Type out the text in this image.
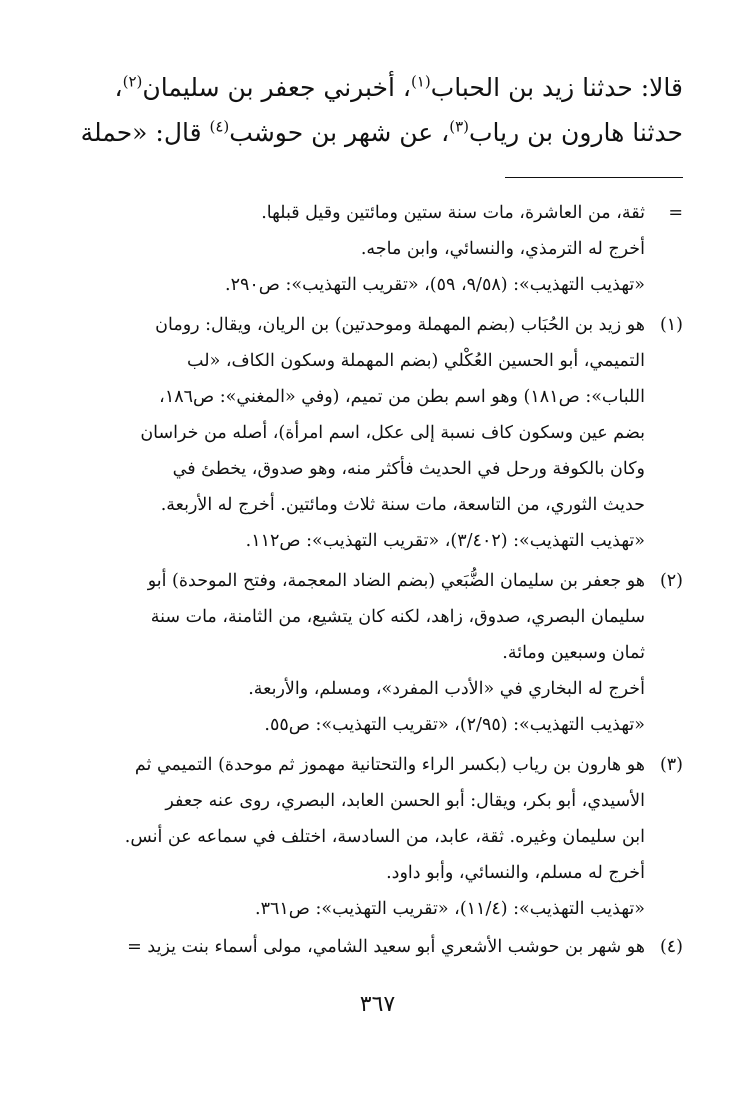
قالا: حدثنا زيد بن الحباب$^{(١)}$، أخبرني جعفر بن سليمان$^{(٢)}$،
حدثنا هارون بن رياب$^{(٣)}$، عن شهر بن حوشب$^{(٤)}$ قال: «حملة
=
ثقة، من العاشرة، مات سنة ستين ومائتين وقيل قبلها.
أخرج له الترمذي، والنسائي، وابن ماجه.
«تهذيب التهذيب»: (٩/٥٨، ٥٩)، «تقريب التهذيب»: ص٢٩٠.
(١)
هو زيد بن الحُبَاب (بضم المهملة وموحدتين) بن الريان، ويقال: رومان
التميمي، أبو الحسين العُكْلي (بضم المهملة وسكون الكاف، «لب
اللباب»: ص١٨١) وهو اسم بطن من تميم، (وفي «المغني»: ص١٨٦،
بضم عين وسكون كاف نسبة إلى عكل، اسم امرأة)، أصله من خراسان
وكان بالكوفة ورحل في الحديث فأكثر منه، وهو صدوق، يخطئ في
حديث الثوري، من التاسعة، مات سنة ثلاث ومائتين. أخرج له الأربعة.
«تهذيب التهذيب»: (٣/٤٠٢)، «تقريب التهذيب»: ص١١٢.
(٢)
هو جعفر بن سليمان الضُّبَعي (بضم الضاد المعجمة، وفتح الموحدة) أبو
سليمان البصري، صدوق، زاهد، لكنه كان يتشيع، من الثامنة، مات سنة
ثمان وسبعين ومائة.
أخرج له البخاري في «الأدب المفرد»، ومسلم، والأربعة.
«تهذيب التهذيب»: (٢/٩٥)، «تقريب التهذيب»: ص٥٥.
(٣)
هو هارون بن رياب (بكسر الراء والتحتانية مهموز ثم موحدة) التميمي ثم
الأسيدي، أبو بكر، ويقال: أبو الحسن العابد، البصري، روى عنه جعفر
ابن سليمان وغيره. ثقة، عابد، من السادسة، اختلف في سماعه عن أنس.
أخرج له مسلم، والنسائي، وأبو داود.
«تهذيب التهذيب»: (١١/٤)، «تقريب التهذيب»: ص٣٦١.
(٤)
هو شهر بن حوشب الأشعري أبو سعيد الشامي، مولى أسماء بنت يزيد =
٣٦٧
